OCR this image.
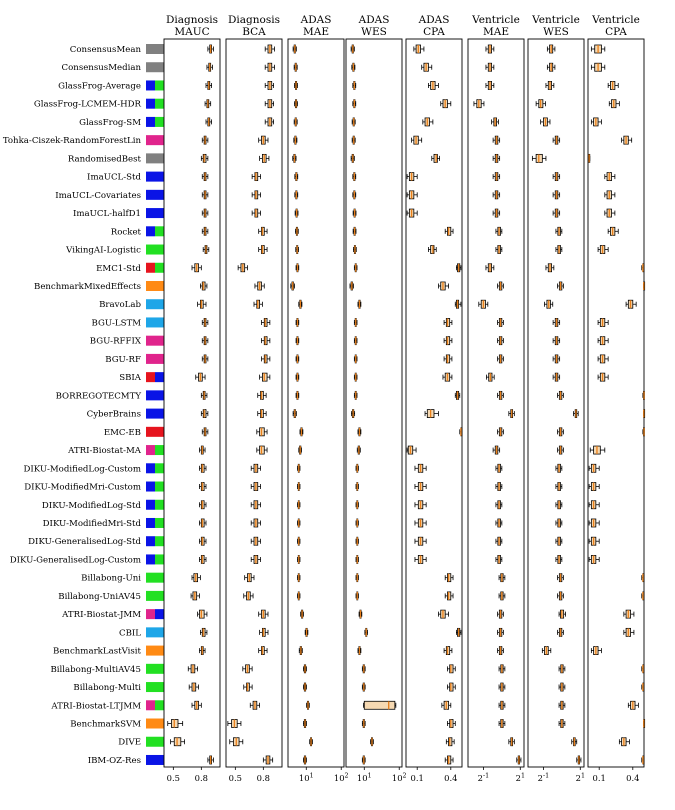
ConsensusMean
ConsensusMedian
GlassFrog-Average
GlassFrog-LCMEM-HDR
GlassFrog-SM
Tohka-Ciszek-RandomForestLin
RandomisedBest
ImaUCL-Std
ImaUCL-Covariates
ImaUCL-halfD1
Rocket
VikingAI-Logistic
EMC1-Std
BenchmarkMixedEffects
BravoLab
BGU-LSTM
BGU-RFFIX
BGU-RF
SBIA
BORREGOTECMTY
CyberBrains
EMC-EB
ATRI-Biostat-MA
DIKU-ModifiedLog-Custom
DIKU-ModifiedMri-Custom
DIKU-ModifiedLog-Std
DIKU-ModifiedMri-Std
DIKU-GeneralisedLog-Std
DIKU-GeneralisedLog-Custom
Billabong-Uni
Billabong-UniAV45
ATRI-Biostat-JMM
CBIL
BenchmarkLastVisit
Billabong-MultiAV45
Billabong-Multi
ATRI-Biostat-LTJMM
BenchmarkSVM
DIVE
IBM-OZ-Res
Diagnosis
MAUC
0.5 0.8
Diagnosis
BCA
0.5 0.8
ADAS
MAE
$10^1$ $10^2$
ADAS
WES
$10^1$ $10^2$
ADAS
CPA
0.1 0.4
Ventricle
MAE
$2^{-1}$	$2^1$
Ventricle
WES
$2^{-1}$	$2^1$
Ventricle
CPA
0.1 0.4
